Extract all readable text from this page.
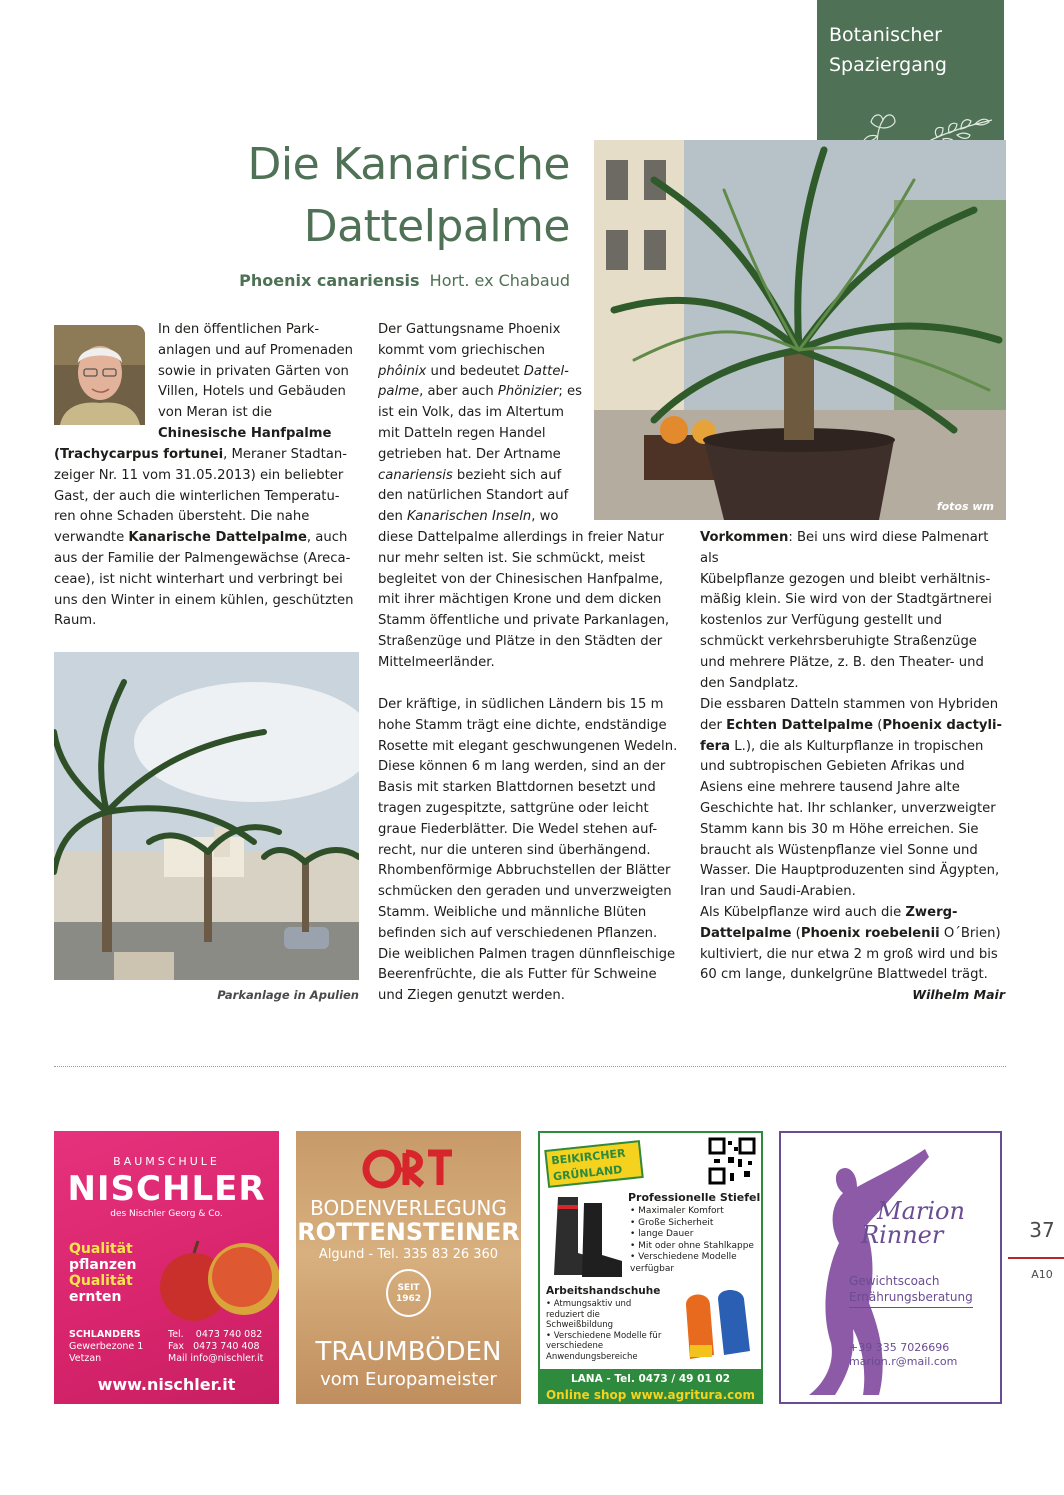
Botanischer
Spaziergang
Die Kanarische
Dattelpalme
Phoenix canariensis Hort. ex Chabaud
In den öffentlichen Park-
anlagen und auf Promenaden
sowie in privaten Gärten von
Villen, Hotels und Gebäuden
von Meran ist die
Chinesische Hanfpalme
(Trachycarpus fortunei, Meraner Stadtan-
zeiger Nr. 11 vom 31.05.2013) ein beliebter
Gast, der auch die winterlichen Temperatu-
ren ohne Schaden übersteht. Die nahe
verwandte Kanarische Dattelpalme, auch
aus der Familie der Palmengewächse (Areca-
ceae), ist nicht winterhart und verbringt bei
uns den Winter in einem kühlen, geschützten
Raum.
Der Gattungsname Phoenix
kommt vom griechischen
phôinix und bedeutet Dattel-
palme, aber auch Phönizier; es
ist ein Volk, das im Altertum
mit Datteln regen Handel
getrieben hat. Der Artname
canariensis bezieht sich auf
den natürlichen Standort auf
den Kanarischen Inseln, wo
diese Dattelpalme allerdings in freier Natur
nur mehr selten ist. Sie schmückt, meist
begleitet von der Chinesischen Hanfpalme,
mit ihrer mächtigen Krone und dem dicken
Stamm öffentliche und private Parkanlagen,
Straßenzüge und Plätze in den Städten der
Mittelmeerländer.
Der kräftige, in südlichen Ländern bis 15 m
hohe Stamm trägt eine dichte, endständige
Rosette mit elegant geschwungenen Wedeln.
Diese können 6 m lang werden, sind an der
Basis mit starken Blattdornen besetzt und
tragen zugespitzte, sattgrüne oder leicht
graue Fiederblätter. Die Wedel stehen auf-
recht, nur die unteren sind überhängend.
Rhombenförmige Abbruchstellen der Blätter
schmücken den geraden und unverzweigten
Stamm. Weibliche und männliche Blüten
befinden sich auf verschiedenen Pflanzen.
Die weiblichen Palmen tragen dünnfleischige
Beerenfrüchte, die als Futter für Schweine
und Ziegen genutzt werden.
fotos wm
Vorkommen: Bei uns wird diese Palmenart als
Kübelpflanze gezogen und bleibt verhältnis-
mäßig klein. Sie wird von der Stadtgärtnerei
kostenlos zur Verfügung gestellt und
schmückt verkehrsberuhigte Straßenzüge
und mehrere Plätze, z. B. den Theater- und
den Sandplatz.
Die essbaren Datteln stammen von Hybriden
der Echten Dattelpalme (Phoenix dactyli-
fera L.), die als Kulturpflanze in tropischen
und subtropischen Gebieten Afrikas und
Asiens eine mehrere tausend Jahre alte
Geschichte hat. Ihr schlanker, unverzweigter
Stamm kann bis 30 m Höhe erreichen. Sie
braucht als Wüstenpflanze viel Sonne und
Wasser. Die Hauptproduzenten sind Ägypten,
Iran und Saudi-Arabien.
Als Kübelpflanze wird auch die Zwerg-
Dattelpalme (Phoenix roebelenii O´Brien)
kultiviert, die nur etwa 2 m groß wird und bis
60 cm lange, dunkelgrüne Blattwedel trägt.
Wilhelm Mair
Parkanlage in Apulien
BAUMSCHULE
NISCHLER
des Nischler Georg & Co.
Qualität
pflanzen
Qualität
ernten
SCHLANDERS
Gewerbezone 1
Vetzan
Tel. 0473 740 082
Fax 0473 740 408
Mail info@nischler.it
www.nischler.it
BODENVERLEGUNG
ROTTENSTEINER
Algund - Tel. 335 83 26 360
SEIT
1962
TRAUMBÖDEN
vom Europameister
BEIKIRCHER
GRÜNLAND
Professionelle Stiefel
• Maximaler Komfort
• Große Sicherheit
• lange Dauer
• Mit oder ohne Stahlkappe
• Verschiedene Modelle verfügbar
Arbeitshandschuhe
• Atmungsaktiv und reduziert die Schweißbildung
• Verschiedene Modelle für verschiedene Anwendungsbereiche
LANA - Tel. 0473 / 49 01 02
Online shop www.agritura.com
Marion
Rinner
Gewichtscoach
Ernährungsberatung
+39 335 7026696
marion.r@mail.com
37
A10
